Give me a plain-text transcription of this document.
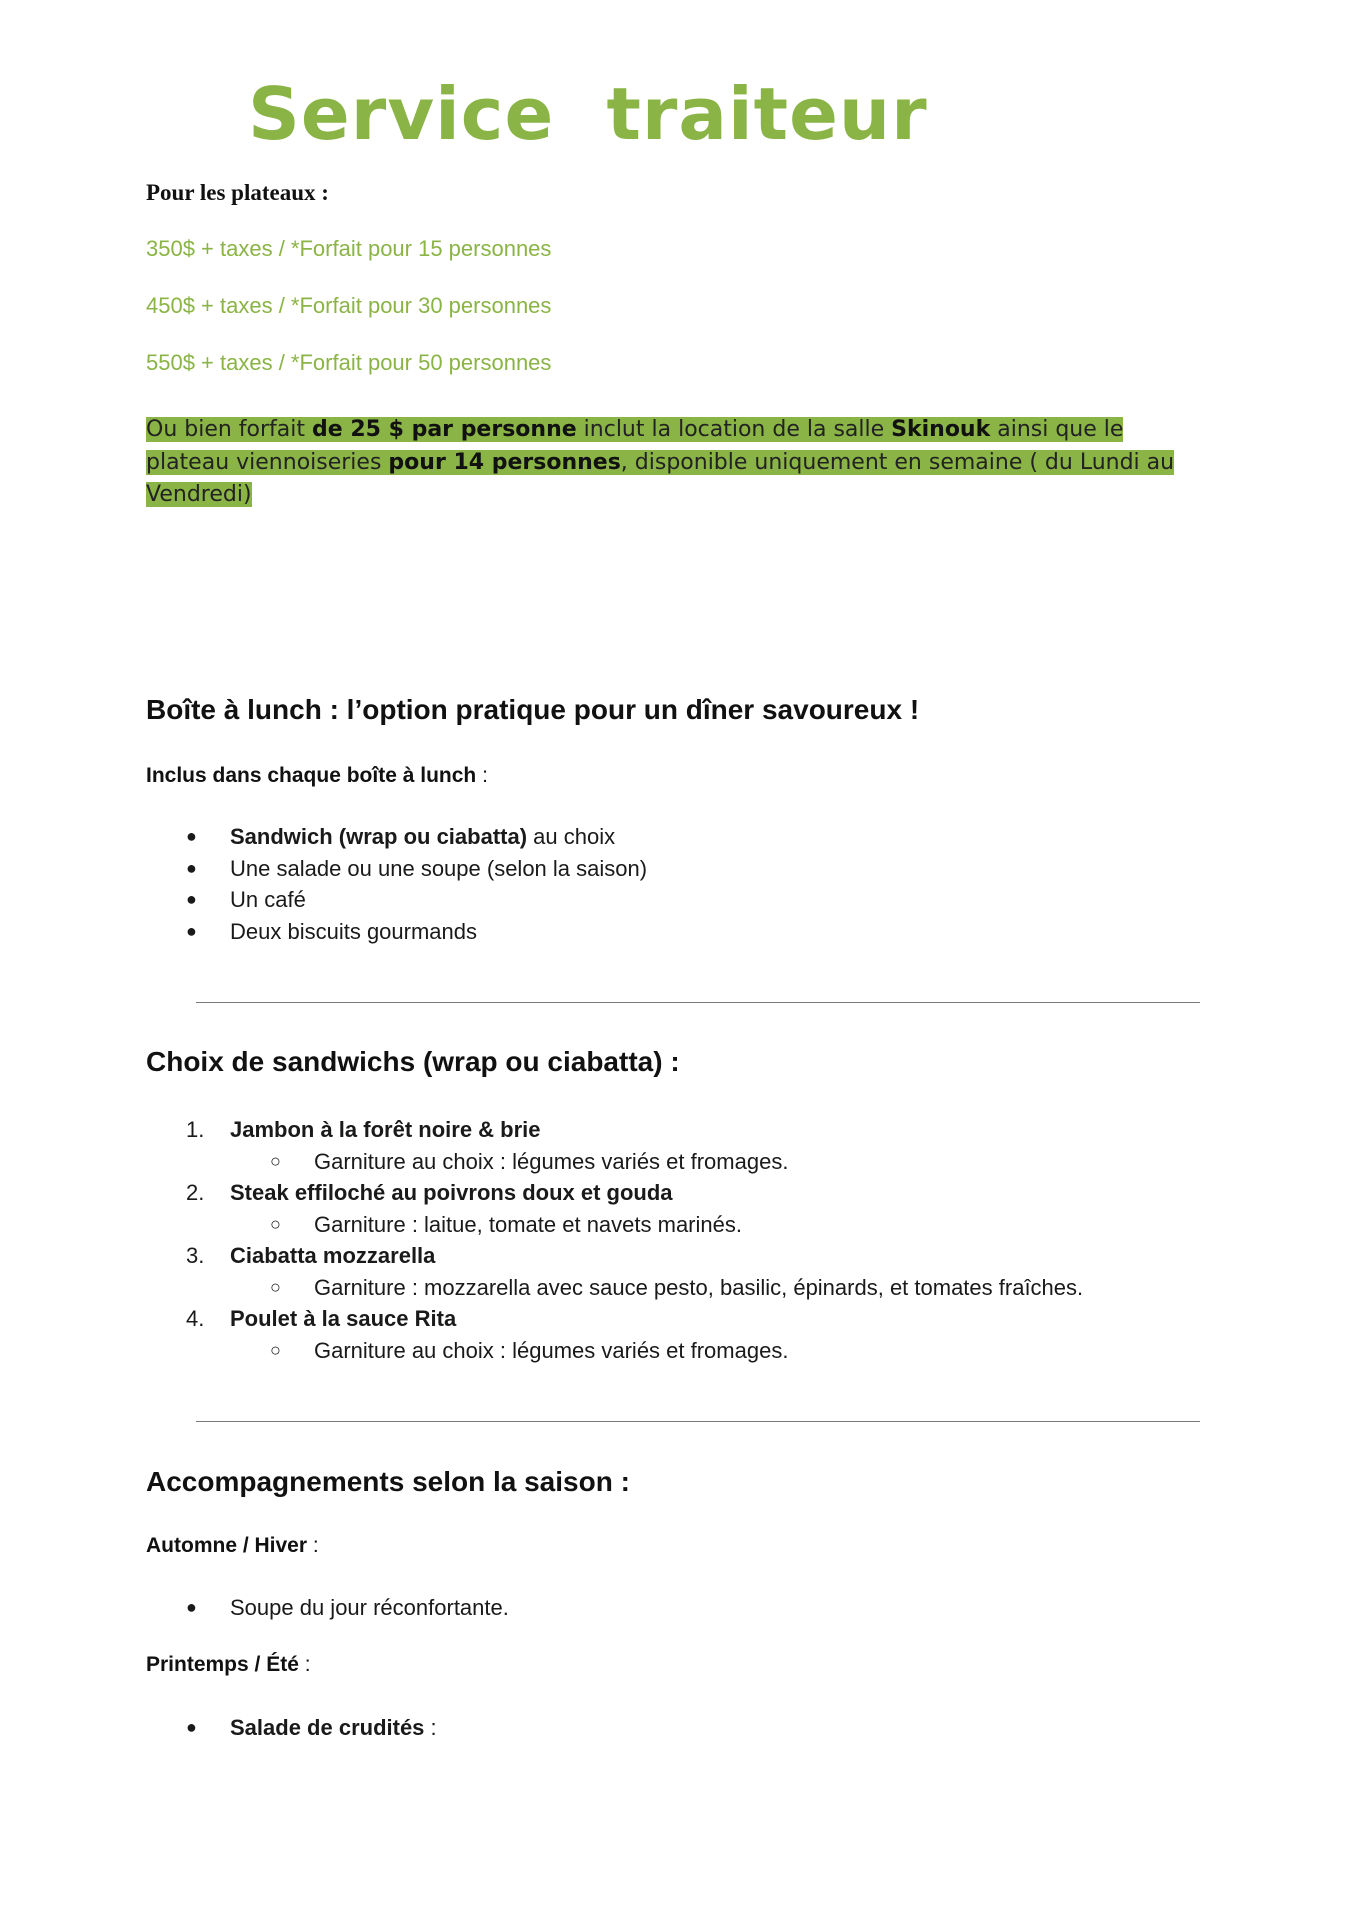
Service traiteur
Pour les plateaux :
350$ + taxes / *Forfait pour 15 personnes
450$ + taxes / *Forfait pour 30 personnes
550$ + taxes / *Forfait pour 50 personnes

Ou bien forfait de 25 $ par personne inclut la location de la salle Skinouk ainsi que le plateau viennoiseries pour 14 personnes, disponible uniquement en semaine ( du Lundi au Vendredi)

Boîte à lunch : l’option pratique pour un dîner savoureux !
Inclus dans chaque boîte à lunch :
● Sandwich (wrap ou ciabatta) au choix
● Une salade ou une soupe (selon la saison)
● Un café
● Deux biscuits gourmands
Choix de sandwichs (wrap ou ciabatta) :
1. Jambon à la forêt noire & brie
○ Garniture au choix : légumes variés et fromages.
2. Steak effiloché au poivrons doux et gouda
○ Garniture : laitue, tomate et navets marinés.
3. Ciabatta mozzarella
○ Garniture : mozzarella avec sauce pesto, basilic, épinards, et tomates fraîches.
4. Poulet à la sauce Rita
○ Garniture au choix : légumes variés et fromages.
Accompagnements selon la saison :
Automne / Hiver :
● Soupe du jour réconfortante.
Printemps / Été :
● Salade de crudités :
